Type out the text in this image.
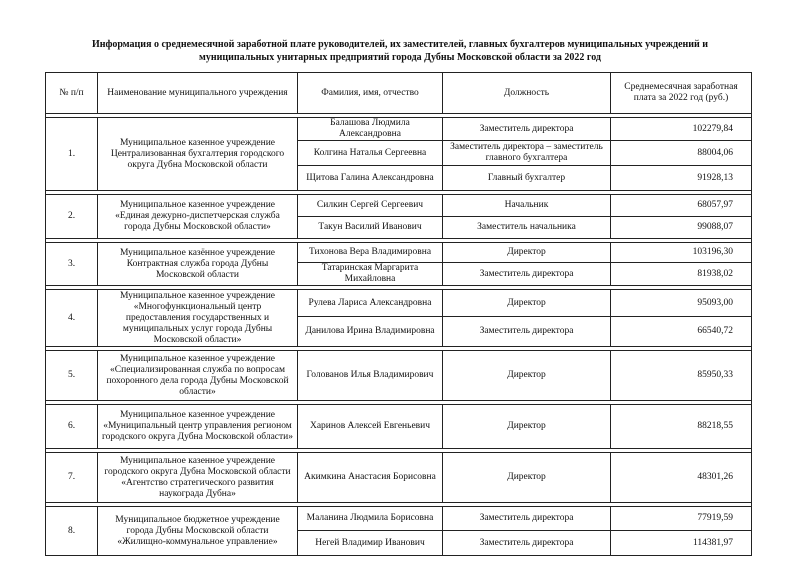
Информация о среднемесячной заработной плате руководителей, их заместителей, главных бухгалтеров муниципальных учреждений и
муниципальных унитарных предприятий города Дубны Московской области за 2022 год
№ п/п	Наименование муниципального учреждения	Фамилия, имя, отчество	Должность	Среднемесячная заработная плата за 2022 год (руб.)

1.	Муниципальное казенное учреждение Централизованная бухгалтерия городского округа Дубна Московской области	Балашова Людмила Александровна	Заместитель директора	102279,84
		Колгина Наталья Сергеевна	Заместитель директора – заместитель главного бухгалтера	88004,06
		Щитова Галина Александровна	Главный бухгалтер	91928,13

2.	Муниципальное казенное учреждение «Единая дежурно-диспетчерская служба города Дубны Московской области»	Силкин Сергей Сергеевич	Начальник	68057,97
		Такун Василий Иванович	Заместитель начальника	99088,07

3.	Муниципальное казённое учреждение Контрактная служба города Дубны Московской области	Тихонова Вера Владимировна	Директор	103196,30
		Татаринская Маргарита Михайловна	Заместитель директора	81938,02

4.	Муниципальное казенное учреждение «Многофункциональный центр предоставления государственных и муниципальных услуг города Дубны Московской области»	Рулева Лариса Александровна	Директор	95093,00
		Данилова Ирина Владимировна	Заместитель директора	66540,72

5.	Муниципальное казенное учреждение «Специализированная служба по вопросам похоронного дела города Дубны Московской области»	Голованов Илья Владимирович	Директор	85950,33

6.	Муниципальное казенное учреждение «Муниципальный центр управления регионом городского округа Дубна Московской области»	Харинов Алексей Евгеньевич	Директор	88218,55

7.	Муниципальное казенное учреждение городского округа Дубна Московской области «Агентство стратегического развития наукограда Дубна»	Акимкина Анастасия Борисовна	Директор	48301,26

8.	Муниципальное бюджетное учреждение города Дубны Московской области «Жилищно-коммунальное управление»	Маланина Людмила Борисовна	Заместитель директора	77919,59
		Негей Владимир Иванович	Заместитель директора	114381,97
